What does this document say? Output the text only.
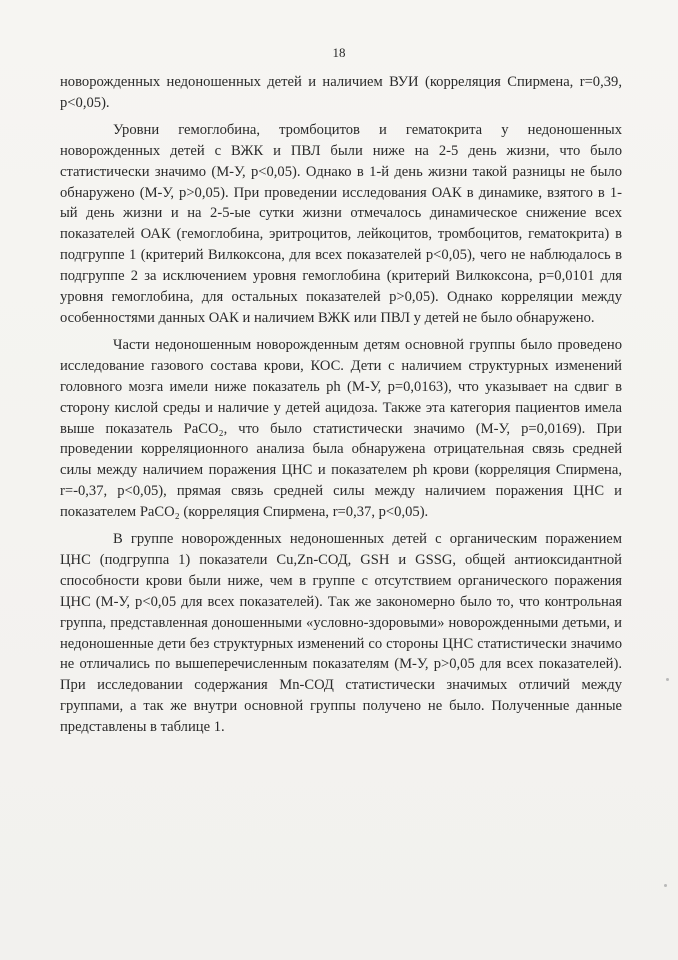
18

новорожденных недоношенных детей и наличием ВУИ (корреляция Спирмена, r=0,39, p<0,05).

Уровни гемоглобина, тромбоцитов и гематокрита у недоношенных новорожденных детей с ВЖК и ПВЛ были ниже на 2-5 день жизни, что было статистически значимо (М-У, р<0,05). Однако в 1-й день жизни такой разницы не было обнаружено (М-У, р>0,05). При проведении исследования ОАК в динамике, взятого в 1-ый день жизни и на 2-5-ые сутки жизни отмечалось динамическое снижение всех показателей ОАК (гемоглобина, эритроцитов, лейкоцитов, тромбоцитов, гематокрита) в подгруппе 1 (критерий Вилкоксона, для всех показателей р<0,05), чего не наблюдалось в подгруппе 2 за исключением уровня гемоглобина (критерий Вилкоксона, р=0,0101 для уровня гемоглобина, для остальных показателей р>0,05). Однако корреляции между особенностями данных ОАК и наличием ВЖК или ПВЛ у детей не было обнаружено.

Части недоношенным новорожденным детям основной группы было проведено исследование газового состава крови, КОС. Дети с наличием структурных изменений головного мозга имели ниже показатель ph (М-У, р=0,0163), что указывает на сдвиг в сторону кислой среды и наличие у детей ацидоза. Также эта категория пациентов имела выше показатель PaCO₂, что было статистически значимо (М-У, р=0,0169). При проведении корреляционного анализа была обнаружена отрицательная связь средней силы между наличием поражения ЦНС и показателем ph крови (корреляция Спирмена, r=-0,37, р<0,05), прямая связь средней силы между наличием поражения ЦНС и показателем PaCO₂ (корреляция Спирмена, r=0,37, р<0,05).

В группе новорожденных недоношенных детей с органическим поражением ЦНС (подгруппа 1) показатели Cu,Zn-СОД, GSH и GSSG, общей антиоксидантной способности крови были ниже, чем в группе с отсутствием органического поражения ЦНС (М-У, р<0,05 для всех показателей). Так же закономерно было то, что контрольная группа, представленная доношенными «условно-здоровыми» новорожденными детьми, и недоношенные дети без структурных изменений со стороны ЦНС статистически значимо не отличались по вышеперечисленным показателям (М-У, р>0,05 для всех показателей). При исследовании содержания Mn-СОД статистически значимых отличий между группами, а так же внутри основной группы получено не было. Полученные данные представлены в таблице 1.
